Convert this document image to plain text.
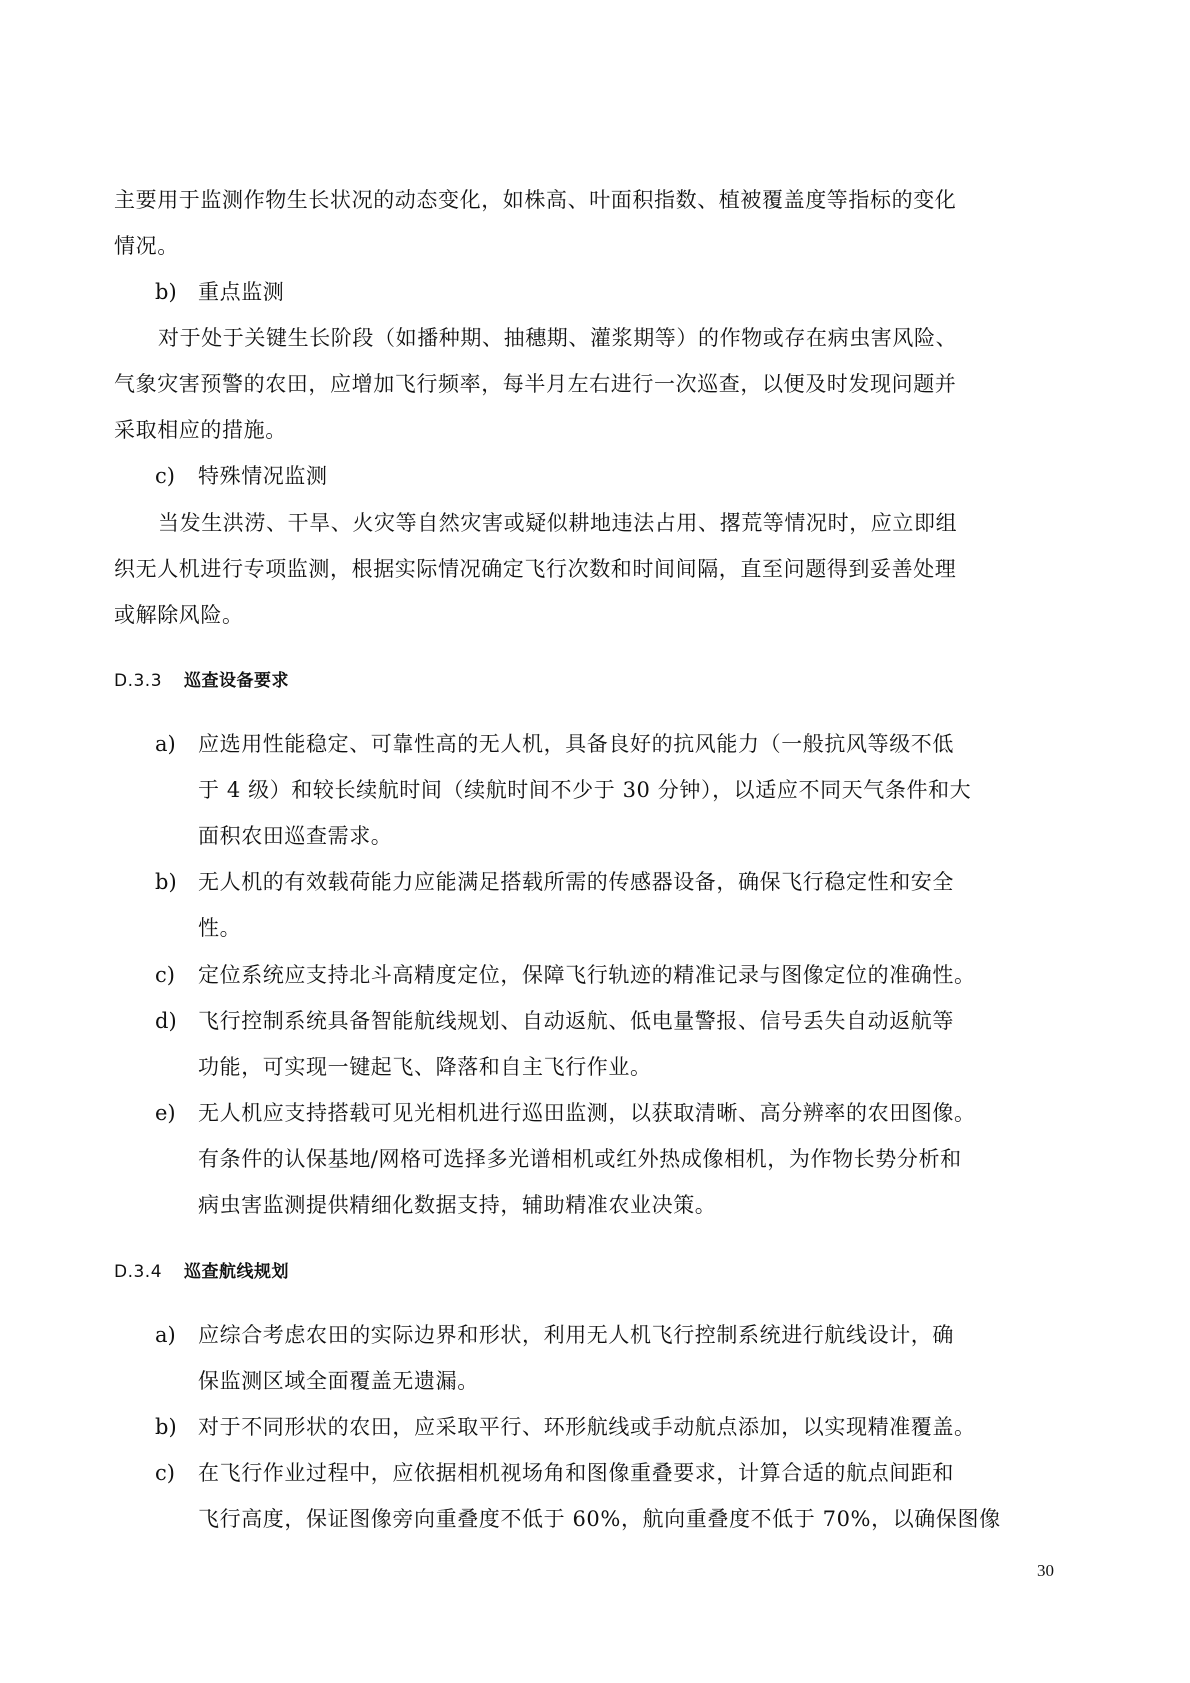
主要用于监测作物生长状况的动态变化，如株高、叶面积指数、植被覆盖度等指标的变化
情况。
b) 重点监测
对于处于关键生长阶段（如播种期、抽穗期、灌浆期等）的作物或存在病虫害风险、
气象灾害预警的农田，应增加飞行频率，每半月左右进行一次巡查，以便及时发现问题并
采取相应的措施。
c) 特殊情况监测
当发生洪涝、干旱、火灾等自然灾害或疑似耕地违法占用、撂荒等情况时，应立即组
织无人机进行专项监测，根据实际情况确定飞行次数和时间间隔，直至问题得到妥善处理
或解除风险。
D.3.3 巡查设备要求
a) 应选用性能稳定、可靠性高的无人机，具备良好的抗风能力（一般抗风等级不低
于 4 级）和较长续航时间（续航时间不少于 30 分钟），以适应不同天气条件和大
面积农田巡查需求。
b) 无人机的有效载荷能力应能满足搭载所需的传感器设备，确保飞行稳定性和安全
性。
c) 定位系统应支持北斗高精度定位，保障飞行轨迹的精准记录与图像定位的准确性。
d) 飞行控制系统具备智能航线规划、自动返航、低电量警报、信号丢失自动返航等
功能，可实现一键起飞、降落和自主飞行作业。
e) 无人机应支持搭载可见光相机进行巡田监测，以获取清晰、高分辨率的农田图像。
有条件的认保基地/网格可选择多光谱相机或红外热成像相机，为作物长势分析和
病虫害监测提供精细化数据支持，辅助精准农业决策。
D.3.4 巡查航线规划
a) 应综合考虑农田的实际边界和形状，利用无人机飞行控制系统进行航线设计，确
保监测区域全面覆盖无遗漏。
b) 对于不同形状的农田，应采取平行、环形航线或手动航点添加，以实现精准覆盖。
c) 在飞行作业过程中，应依据相机视场角和图像重叠要求，计算合适的航点间距和
飞行高度，保证图像旁向重叠度不低于 60%，航向重叠度不低于 70%，以确保图像
30
